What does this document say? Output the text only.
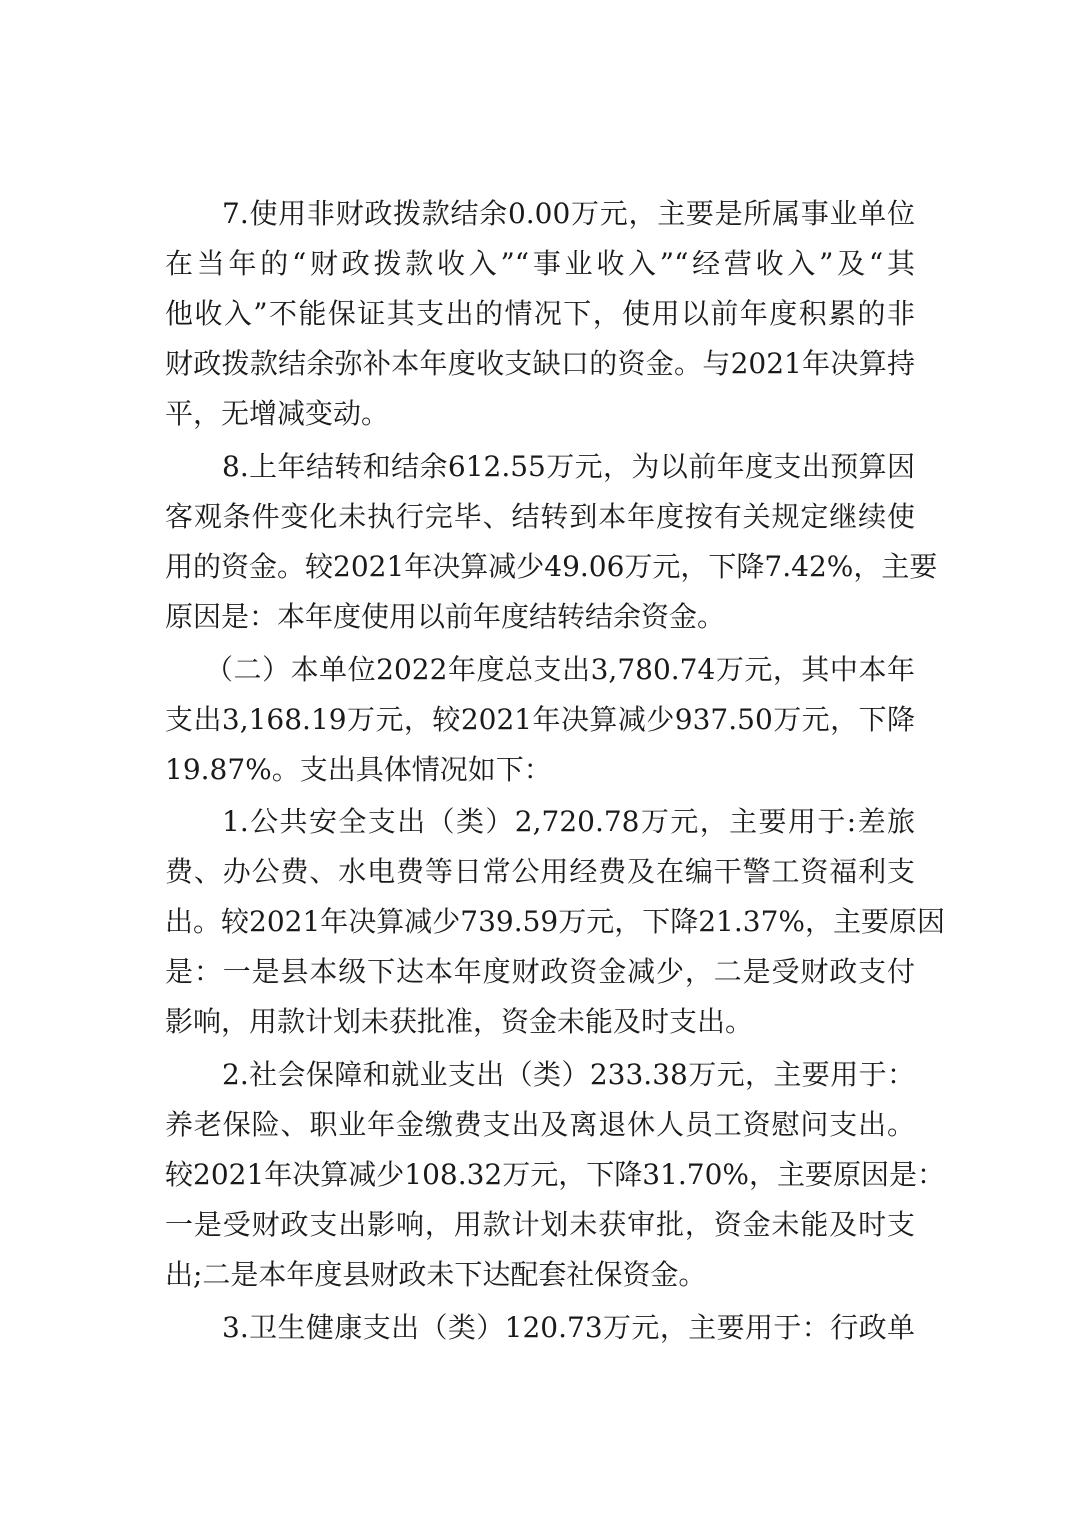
7.使用非财政拨款结余0.00万元，主要是所属事业单位
在当年的“财政拨款收入”“事业收入”“经营收入”及“其
他收入”不能保证其支出的情况下，使用以前年度积累的非
财政拨款结余弥补本年度收支缺口的资金。与2021年决算持
平，无增减变动。
8.上年结转和结余612.55万元，为以前年度支出预算因
客观条件变化未执行完毕、结转到本年度按有关规定继续使
用的资金。较2021年决算减少49.06万元，下降7.42%，主要
原因是：本年度使用以前年度结转结余资金。
（二）本单位2022年度总支出3,780.74万元，其中本年
支出3,168.19万元，较2021年决算减少937.50万元，下降
19.87%。支出具体情况如下：
1.公共安全支出（类）2,720.78万元，主要用于:差旅
费、办公费、水电费等日常公用经费及在编干警工资福利支
出。较2021年决算减少739.59万元，下降21.37%，主要原因
是：一是县本级下达本年度财政资金减少，二是受财政支付
影响，用款计划未获批准，资金未能及时支出。
2.社会保障和就业支出（类）233.38万元，主要用于：
养老保险、职业年金缴费支出及离退休人员工资慰问支出。
较2021年决算减少108.32万元，下降31.70%，主要原因是：
一是受财政支出影响，用款计划未获审批，资金未能及时支
出;二是本年度县财政未下达配套社保资金。
3.卫生健康支出（类）120.73万元，主要用于：行政单
